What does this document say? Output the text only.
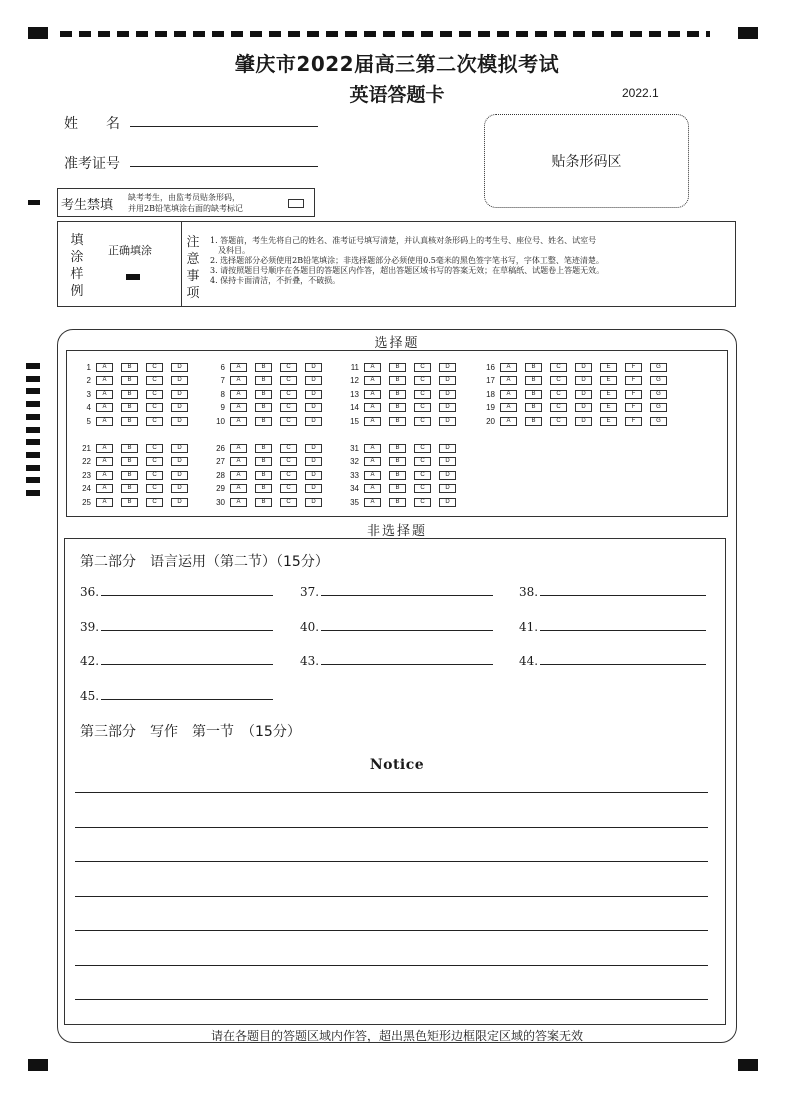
肇庆市2022届高三第二次模拟考试
英语答题卡	2022.1
姓　　名
准考证号	贴条形码区
考生禁填
缺考考生，由监考员贴条形码，
并用2B铅笔填涂右面的缺考标记
填涂样例
正确填涂
注意事项
1. 答题前，考生先将自己的姓名、准考证号填写清楚，并认真核对条形码上的考生号、座位号、姓名、试室号
　及科目。
2. 选择题部分必须使用2B铅笔填涂；非选择题部分必须使用0.5毫米的黑色签字笔书写，字体工整、笔迹清楚。
3. 请按照题目号顺序在各题目的答题区内作答，超出答题区域书写的答案无效；在草稿纸、试题卷上答题无效。
4. 保持卡面清洁，不折叠，不破损。
选择题
1	A	B	C	D
2	A	B	C	D
3	A	B	C	D
4	A	B	C	D
5	A	B	C	D
6	A	B	C	D
7	A	B	C	D
8	A	B	C	D
9	A	B	C	D
10	A	B	C	D
11	A	B	C	D
12	A	B	C	D
13	A	B	C	D
14	A	B	C	D
15	A	B	C	D
16	A	B	C	D	E	F	G
17	A	B	C	D	E	F	G
18	A	B	C	D	E	F	G
19	A	B	C	D	E	F	G
20	A	B	C	D	E	F	G
21	A	B	C	D
22	A	B	C	D
23	A	B	C	D
24	A	B	C	D
25	A	B	C	D
26	A	B	C	D
27	A	B	C	D
28	A	B	C	D
29	A	B	C	D
30	A	B	C	D
31	A	B	C	D
32	A	B	C	D
33	A	B	C	D
34	A	B	C	D
35	A	B	C	D
非选择题
第二部分　语言运用（第二节）（15分）
36.	37.	38.
39.	40.	41.
42.	43.	44.
45.
第三部分　写作　第一节　（15分）
Notice
请在各题目的答题区域内作答，超出黑色矩形边框限定区域的答案无效
